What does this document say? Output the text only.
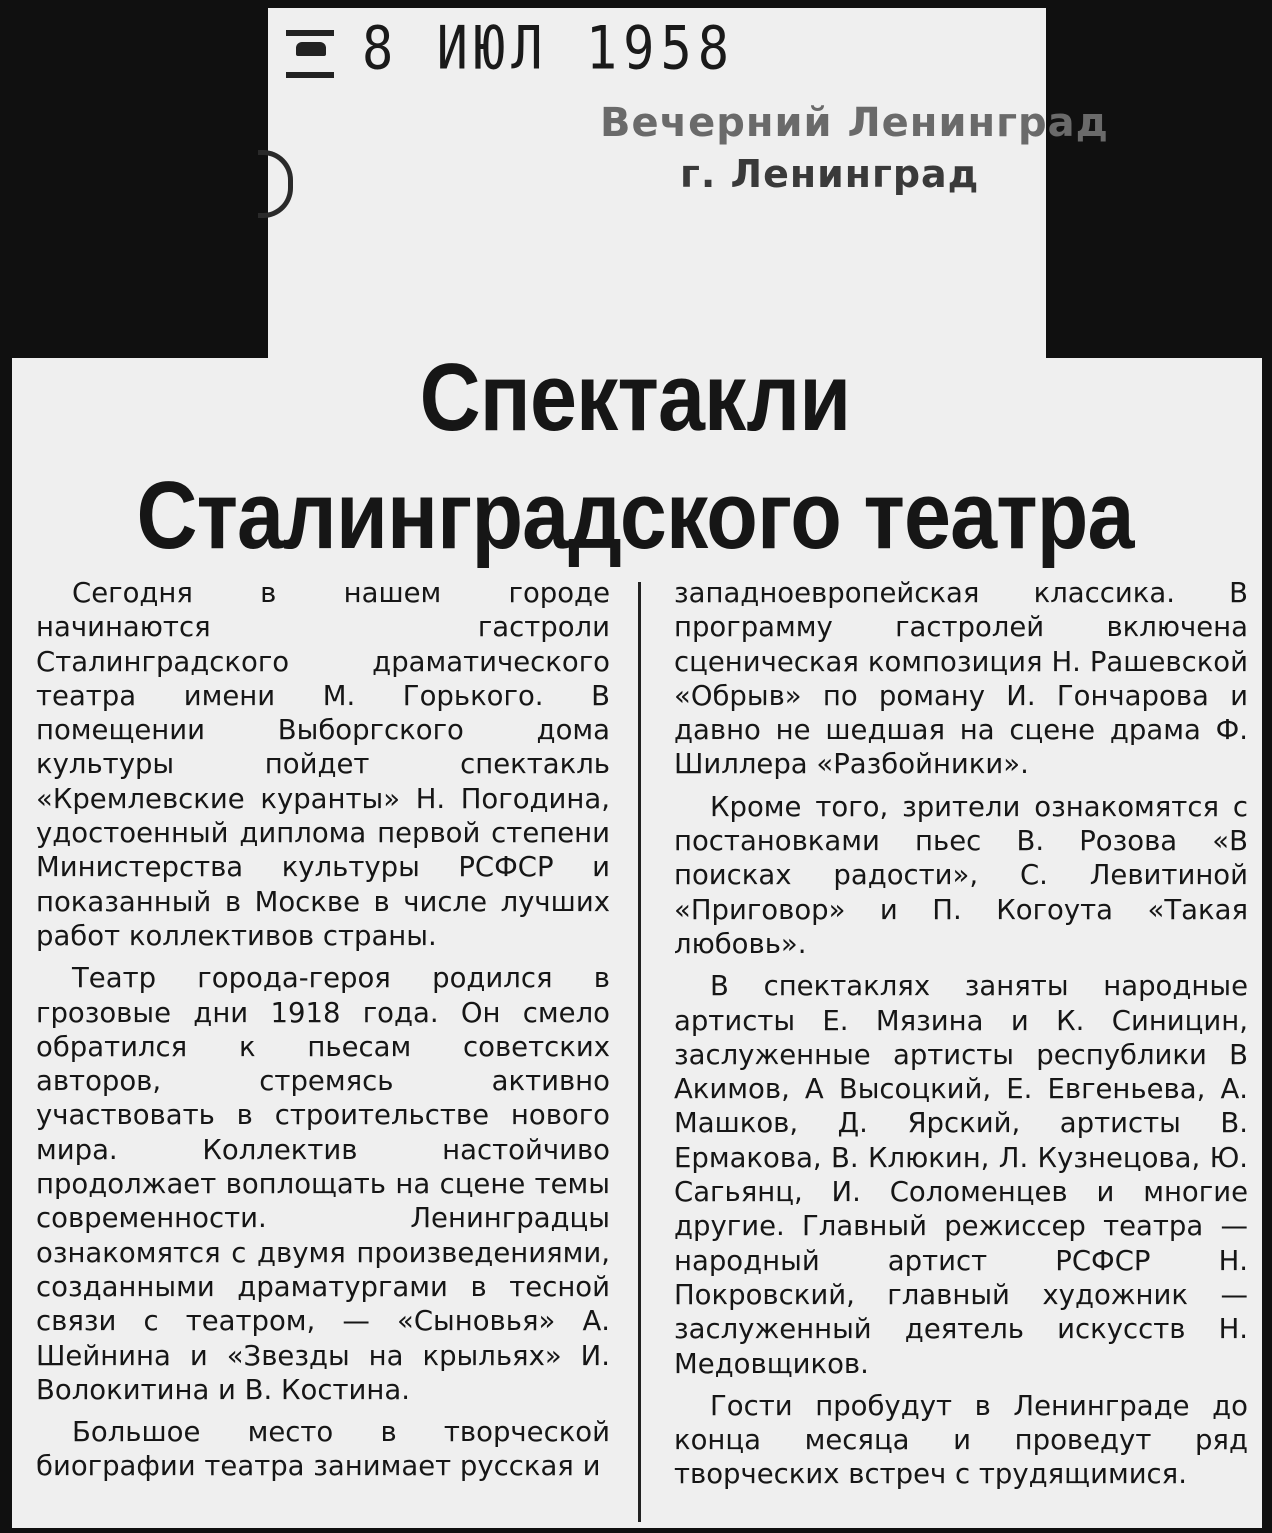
8 ИЮЛ 1958
Вечерний Ленинград
г. Ленинград
Спектакли
Сталинградского театра

Сегодня в нашем городе начинаются гастроли Сталинградского драматического театра имени М. Горького. В помещении Выборгского дома культуры пойдет спектакль «Кремлевские куранты» Н. Погодина, удостоенный диплома первой степени Министерства культуры РСФСР и показанный в Москве в числе лучших работ коллективов страны.

Театр города-героя родился в грозовые дни 1918 года. Он смело обратился к пьесам советских авторов, стремясь активно участвовать в строительстве нового мира. Коллектив настойчиво продолжает воплощать на сцене темы современности. Ленинградцы ознакомятся с двумя произведениями, созданными драматургами в тесной связи с театром, — «Сыновья» А. Шейнина и «Звезды на крыльях» И. Волокитина и В. Костина.

Большое место в творческой биографии театра занимает русская и

западноевропейская классика. В программу гастролей включена сценическая композиция Н. Рашевской «Обрыв» по роману И. Гончарова и давно не шедшая на сцене драма Ф. Шиллера «Разбойники».

Кроме того, зрители ознакомятся с постановками пьес В. Розова «В поисках радости», С. Левитиной «Приговор» и П. Когоута «Такая любовь».

В спектаклях заняты народные артисты Е. Мязина и К. Синицин, заслуженные артисты республики В Акимов, А Высоцкий, Е. Евгеньева, А. Машков, Д. Ярский, артисты В. Ермакова, В. Клюкин, Л. Кузнецова, Ю. Сагьянц, И. Соломенцев и многие другие. Главный режиссер театра — народный артист РСФСР Н. Покровский, главный художник — заслуженный деятель искусств Н. Медовщиков.

Гости пробудут в Ленинграде до конца месяца и проведут ряд творческих встреч с трудящимися.
